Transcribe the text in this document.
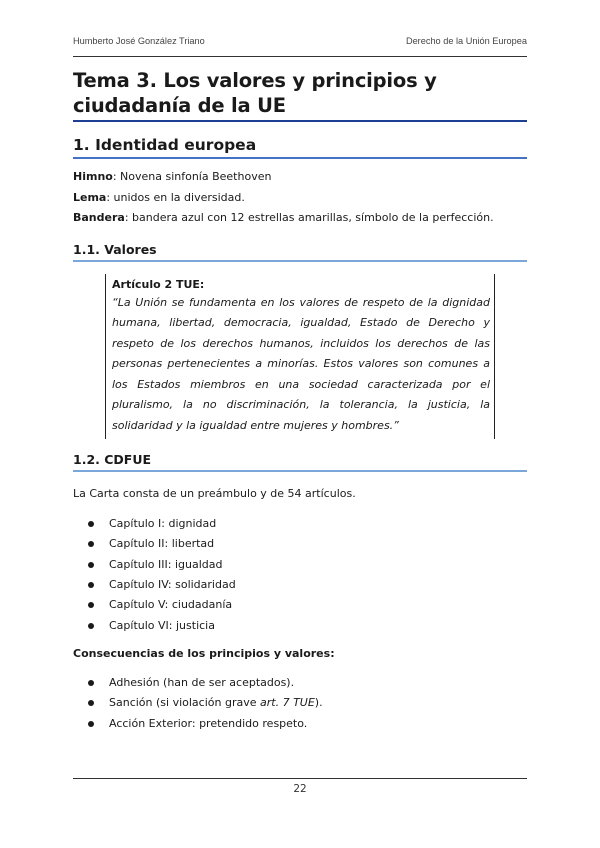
Humberto José González Triano	Derecho de la Unión Europea
Tema 3. Los valores y principios y ciudadanía de la UE
1. Identidad europea

Himno: Novena sinfonía Beethoven

Lema: unidos en la diversidad.

Bandera: bandera azul con 12 estrellas amarillas, símbolo de la perfección.

1.1. Valores
Artículo 2 TUE:
“La Unión se fundamenta en los valores de respeto de la dignidad humana, libertad, democracia, igualdad, Estado de Derecho y respeto de los derechos humanos, incluidos los derechos de las personas pertenecientes a minorías. Estos valores son comunes a los Estados miembros en una sociedad caracterizada por el pluralismo, la no discriminación, la tolerancia, la justicia, la solidaridad y la igualdad entre mujeres y hombres.”
1.2. CDFUE

La Carta consta de un preámbulo y de 54 artículos.

Capítulo I: dignidad
Capítulo II: libertad
Capítulo III: igualdad
Capítulo IV: solidaridad
Capítulo V: ciudadanía
Capítulo VI: justicia
Consecuencias de los principios y valores:
Adhesión (han de ser aceptados).
Sanción (si violación grave art. 7 TUE).
Acción Exterior: pretendido respeto.
22
